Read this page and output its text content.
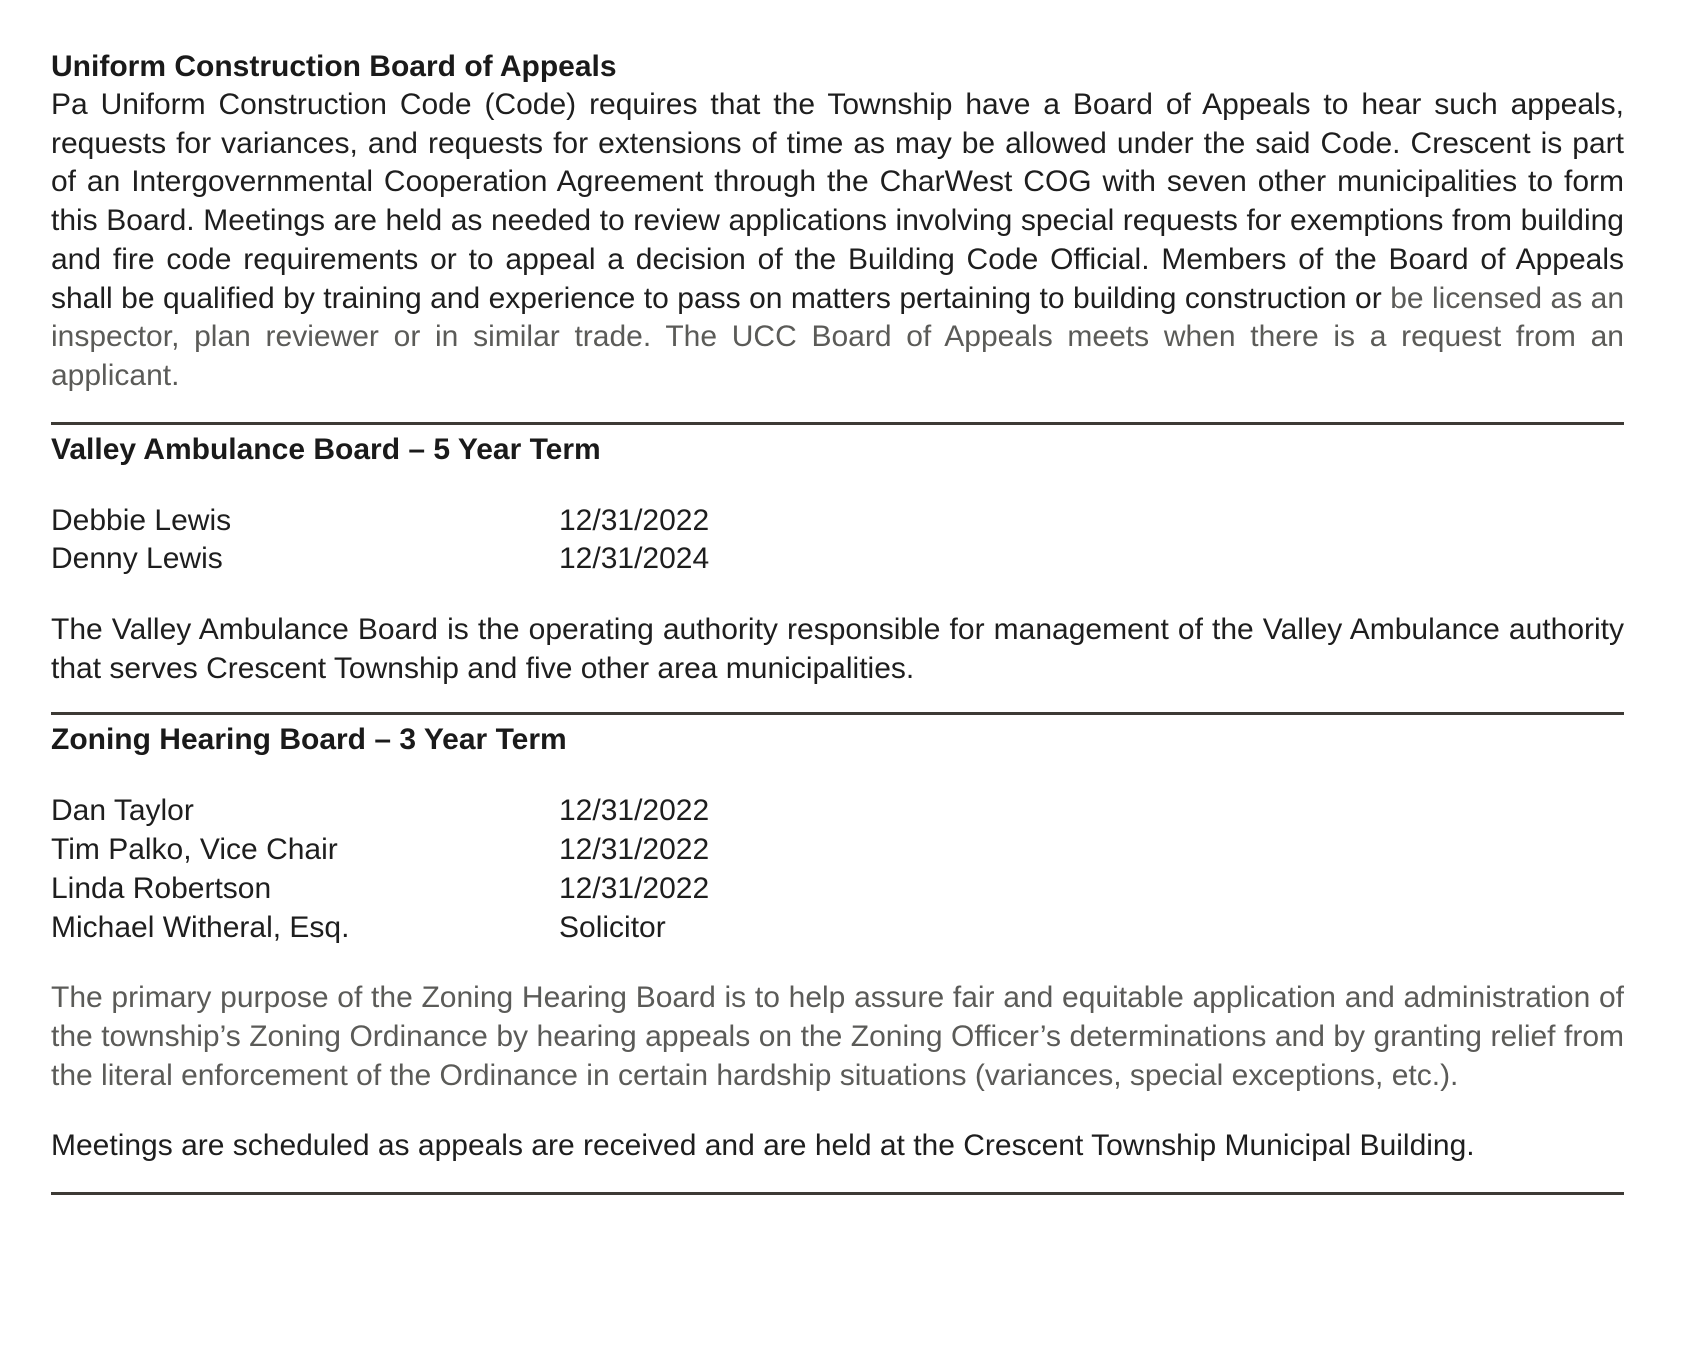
Uniform Construction Board of Appeals

Pa Uniform Construction Code (Code) requires that the Township have a Board of Appeals to hear such appeals, requests for variances, and requests for extensions of time as may be allowed under the said Code. Crescent is part of an Intergovernmental Cooperation Agreement through the CharWest COG with seven other municipalities to form this Board. Meetings are held as needed to review applications involving special requests for exemptions from building and fire code requirements or to appeal a decision of the Building Code Official. Members of the Board of Appeals shall be qualified by training and experience to pass on matters pertaining to building construction or be licensed as an inspector, plan reviewer or in similar trade. The UCC Board of Appeals meets when there is a request from an applicant.

Valley Ambulance Board – 5 Year Term
Debbie Lewis	12/31/2022
Denny Lewis	12/31/2024

The Valley Ambulance Board is the operating authority responsible for management of the Valley Ambulance authority that serves Crescent Township and five other area municipalities.

Zoning Hearing Board – 3 Year Term
Dan Taylor	12/31/2022
Tim Palko, Vice Chair	12/31/2022
Linda Robertson	12/31/2022
Michael Witheral, Esq.	Solicitor

The primary purpose of the Zoning Hearing Board is to help assure fair and equitable application and administration of the township’s Zoning Ordinance by hearing appeals on the Zoning Officer’s determinations and by granting relief from the literal enforcement of the Ordinance in certain hardship situations (variances, special exceptions, etc.).

Meetings are scheduled as appeals are received and are held at the Crescent Township Municipal Building.
